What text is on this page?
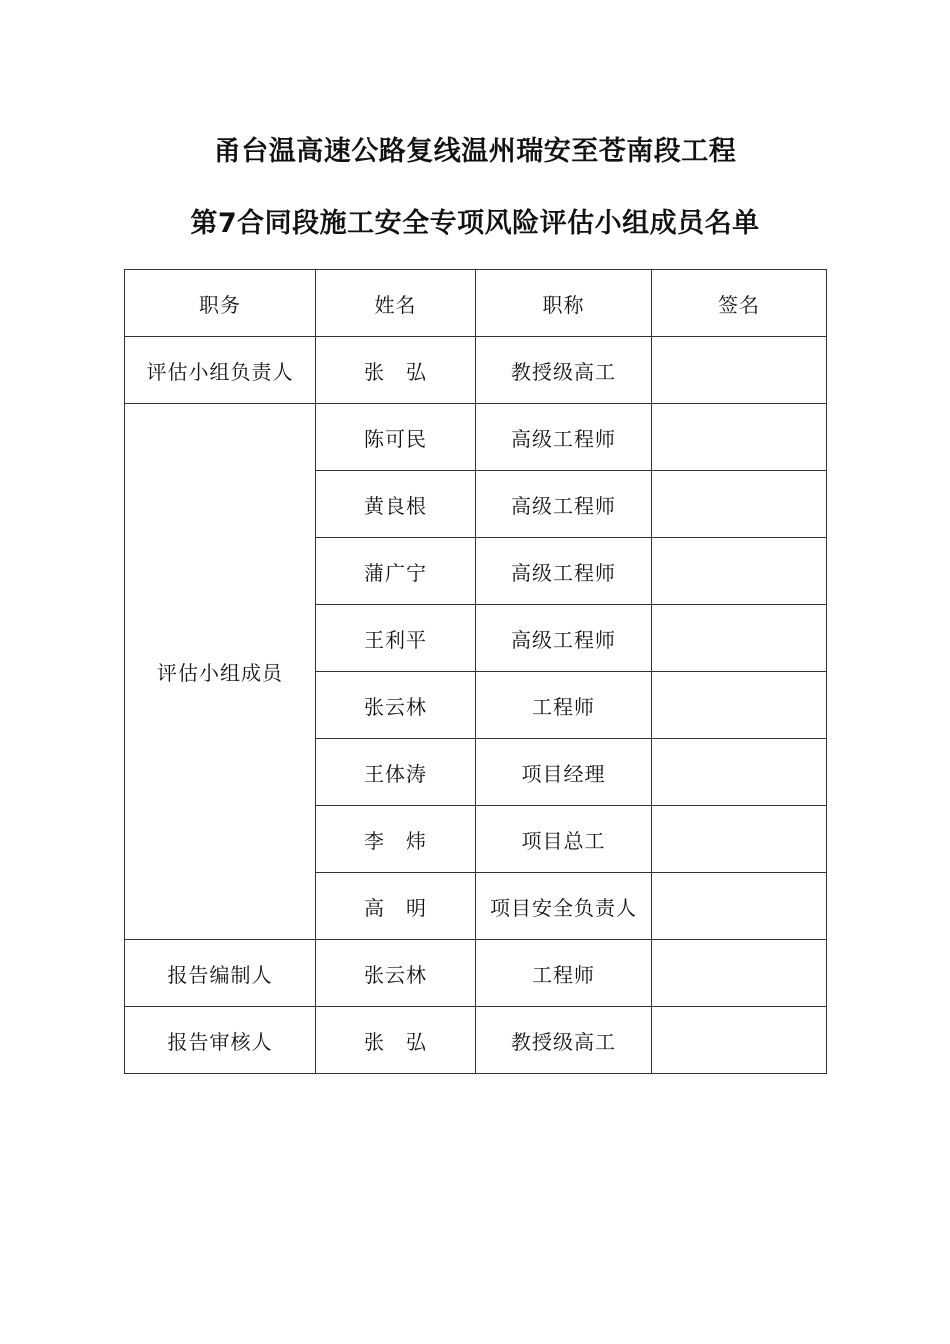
甬台温高速公路复线温州瑞安至苍南段工程
第7合同段施工安全专项风险评估小组成员名单
职务	姓名	职称	签名
评估小组负责人	张　弘	教授级高工	
评估小组成员	陈可民	高级工程师	
	黄良根	高级工程师	
	蒲广宁	高级工程师	
	王利平	高级工程师	
	张云林	工程师	
	王体涛	项目经理	
	李　炜	项目总工	
	高　明	项目安全负责人	
报告编制人	张云林	工程师	
报告审核人	张　弘	教授级高工	
